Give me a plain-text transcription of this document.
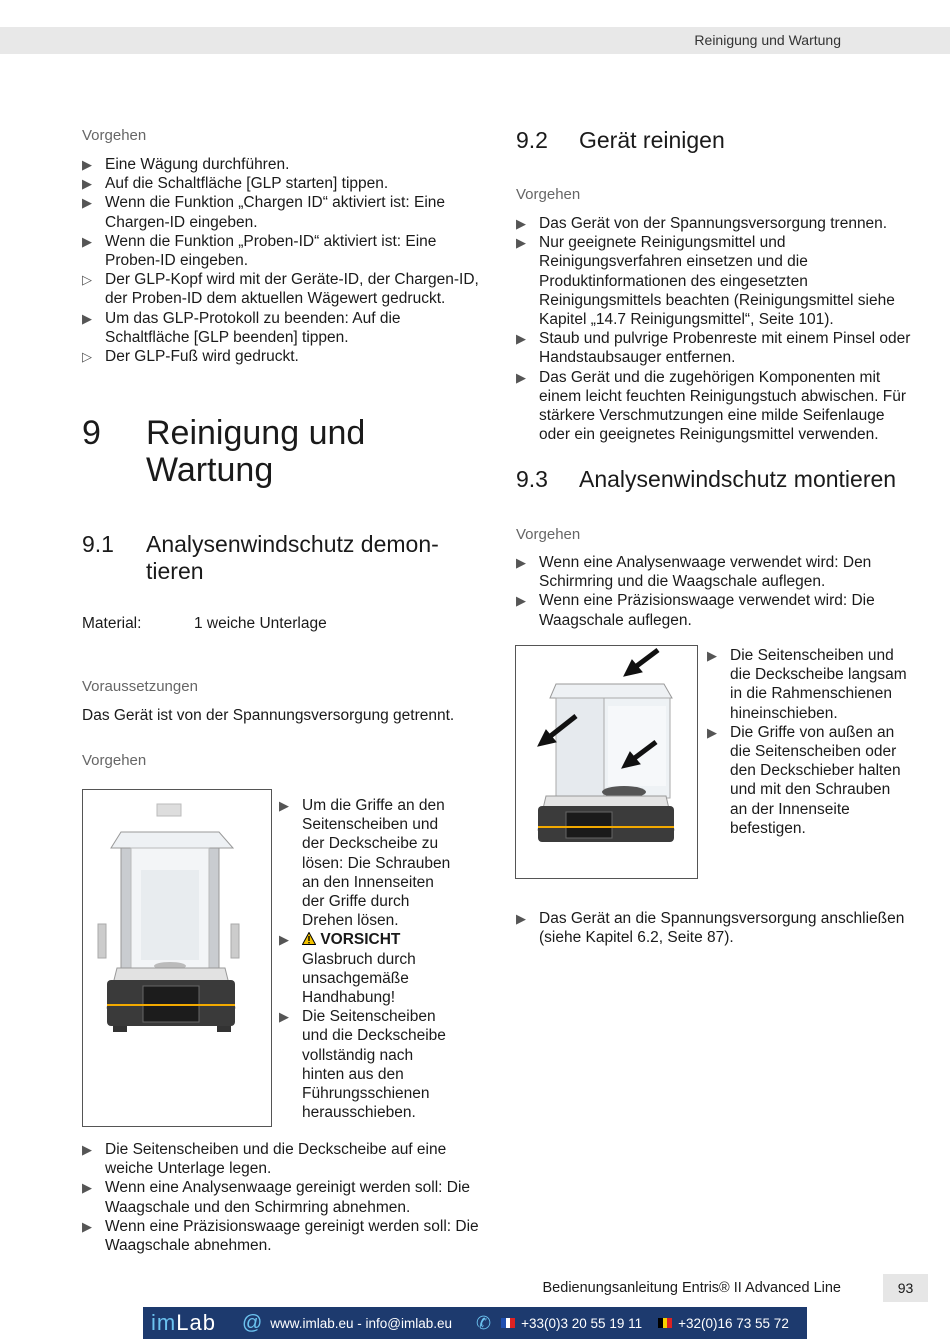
Reinigung und Wartung
Vorgehen
▶ Eine Wägung durchführen.
▶ Auf die Schaltfläche [GLP starten] tippen.
▶ Wenn die Funktion „Chargen ID“ aktiviert ist: Eine Chargen-ID eingeben.
▶ Wenn die Funktion „Proben-ID“ aktiviert ist: Eine Proben-ID eingeben.
▷ Der GLP-Kopf wird mit der Geräte-ID, der Chargen-ID, der Proben-ID dem aktuellen Wägewert gedruckt.
▶ Um das GLP-Protokoll zu beenden: Auf die Schaltfläche [GLP beenden] tippen.
▷ Der GLP-Fuß wird gedruckt.
9 Reinigung und
Wartung
9.1 Analysenwindschutz demon-
tieren
Material:	1 weiche Unterlage
Voraussetzungen
Das Gerät ist von der Spannungsversorgung getrennt.
Vorgehen
▶ Um die Griffe an den Seitenscheiben und der Deckscheibe zu lösen: Die Schrauben an den Innenseiten der Griffe durch Drehen lösen.
▶ VORSICHT Glasbruch durch unsachgemäße Handhabung!
▶ Die Seitenscheiben und die Deckscheibe vollständig nach hinten aus den Führungsschienen herausschieben.
▶ Die Seitenscheiben und die Deckscheibe auf eine weiche Unterlage legen.
▶ Wenn eine Analysenwaage gereinigt werden soll: Die Waagschale und den Schirmring abnehmen.
▶ Wenn eine Präzisionswaage gereinigt werden soll: Die Waagschale abnehmen.
9.2 Gerät reinigen
Vorgehen
▶ Das Gerät von der Spannungsversorgung trennen.
▶ Nur geeignete Reinigungsmittel und Reinigungsverfahren einsetzen und die Produktinformationen des eingesetzten Reinigungsmittels beachten (Reinigungsmittel siehe Kapitel „14.7 Reinigungsmittel“, Seite 101).
▶ Staub und pulvrige Probenreste mit einem Pinsel oder Handstaubsauger entfernen.
▶ Das Gerät und die zugehörigen Komponenten mit einem leicht feuchten Reinigungstuch abwischen. Für stärkere Verschmutzungen eine milde Seifenlauge oder ein geeignetes Reinigungsmittel verwenden.
9.3 Analysenwindschutz montieren
Vorgehen
▶ Wenn eine Analysenwaage verwendet wird: Den Schirmring und die Waagschale auflegen.
▶ Wenn eine Präzisionswaage verwendet wird: Die Waagschale auflegen.
▶ Die Seitenscheiben und die Deckscheibe langsam in die Rahmenschienen hineinschieben.
▶ Die Griffe von außen an die Seitenscheiben oder den Deckschieber halten und mit den Schrauben an der Innenseite befestigen.
▶ Das Gerät an die Spannungsversorgung anschließen (siehe Kapitel 6.2, Seite 87).
Bedienungsanleitung Entris® II Advanced Line	93
imLab @ www.imlab.eu - info@imlab.eu ✆ +33(0)3 20 55 19 11	+32(0)16 73 55 72
